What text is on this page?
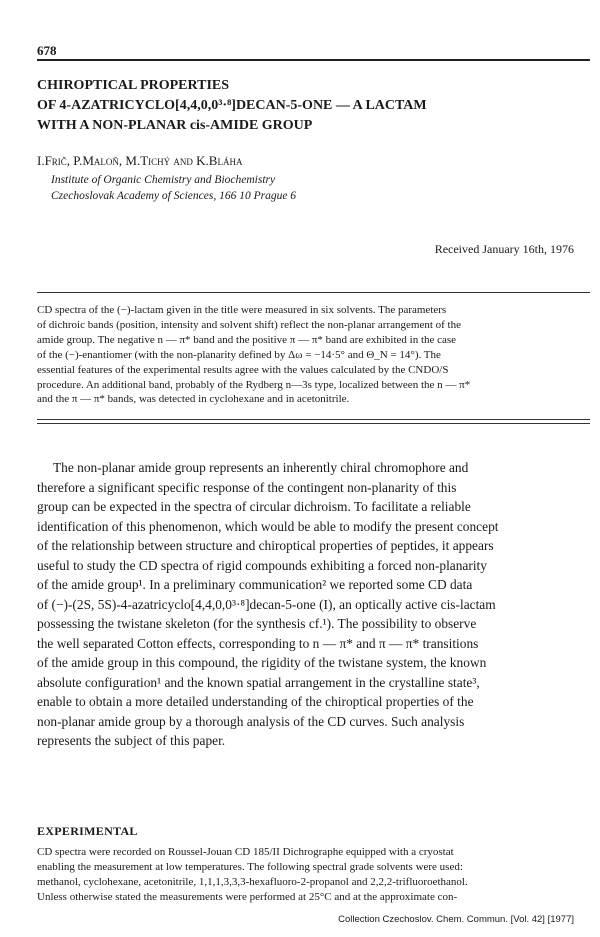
678
CHIROPTICAL PROPERTIES
OF 4-AZATRICYCLO[4,4,0,0³·⁸]DECAN-5-ONE — A LACTAM
WITH A NON-PLANAR cis-AMIDE GROUP
I.Frič, P.Maloň, M.Tichý and K.Bláha
Institute of Organic Chemistry and Biochemistry
Czechoslovak Academy of Sciences, 166 10 Prague 6
Received January 16th, 1976
CD spectra of the (−)-lactam given in the title were measured in six solvents. The parameters
of dichroic bands (position, intensity and solvent shift) reflect the non-planar arrangement of the
amide group. The negative n — π* band and the positive π — π* band are exhibited in the case
of the (−)-enantiomer (with the non-planarity defined by Δω = −14·5° and Θ_N = 14°). The
essential features of the experimental results agree with the values calculated by the CNDO/S
procedure. An additional band, probably of the Rydberg n—3s type, localized between the n — π*
and the π — π* bands, was detected in cyclohexane and in acetonitrile.
The non-planar amide group represents an inherently chiral chromophore and
therefore a significant specific response of the contingent non-planarity of this
group can be expected in the spectra of circular dichroism. To facilitate a reliable
identification of this phenomenon, which would be able to modify the present concept
of the relationship between structure and chiroptical properties of peptides, it appears
useful to study the CD spectra of rigid compounds exhibiting a forced non-planarity
of the amide group¹. In a preliminary communication² we reported some CD data
of (−)-(2S, 5S)-4-azatricyclo[4,4,0,0³·⁸]decan-5-one (I), an optically active cis-lactam
possessing the twistane skeleton (for the synthesis cf.¹). The possibility to observe
the well separated Cotton effects, corresponding to n — π* and π — π* transitions
of the amide group in this compound, the rigidity of the twistane system, the known
absolute configuration¹ and the known spatial arrangement in the crystalline state³,
enable to obtain a more detailed understanding of the chiroptical properties of the
non-planar amide group by a thorough analysis of the CD curves. Such analysis
represents the subject of this paper.
EXPERIMENTAL
CD spectra were recorded on Roussel-Jouan CD 185/II Dichrographe equipped with a cryostat
enabling the measurement at low temperatures. The following spectral grade solvents were used:
methanol, cyclohexane, acetonitrile, 1,1,1,3,3,3-hexafluoro-2-propanol and 2,2,2-trifluoroethanol.
Unless otherwise stated the measurements were performed at 25°C and at the approximate con-
Collection Czechoslov. Chem. Commun. [Vol. 42] [1977]
